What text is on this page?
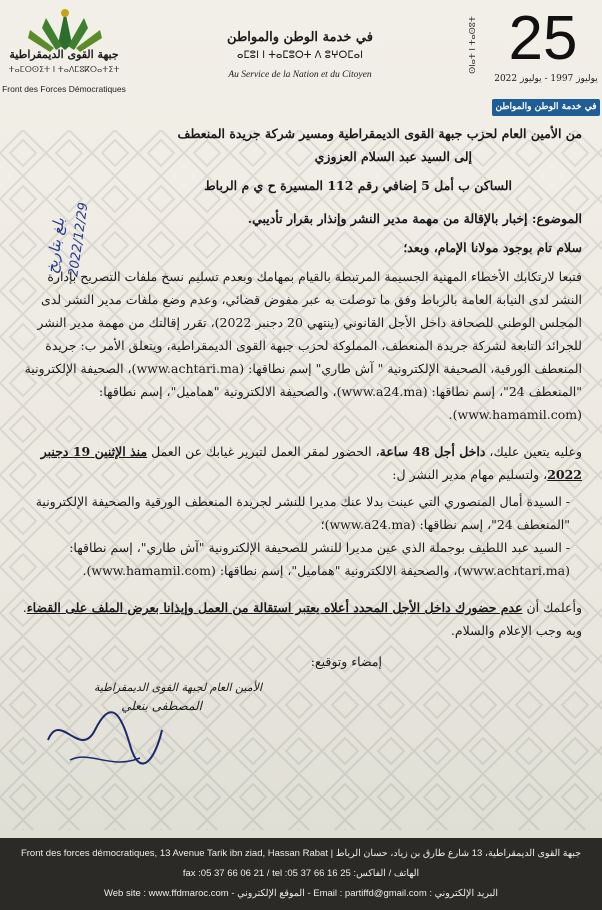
جبهة القوى الديمقراطية
ⵜⴰⵎⵔⵙⵉⵜ ⵏ ⵜⴰⴷⵎⵓⴽⵔⴰⵜⵉⵜ
Front des Forces Démocratiques
في خدمة الوطن والمواطن
ⴰⵎⵓⵏ ⵏ ⵜⴰⵎⵓⵔⵜ ⴷ ⵓⵖⵔⵎⴰⵏ
Au Service de la Nation et du Citoyen
ⵙⵏⴰⵜ ⵏ ⵜⴰⵙⵓⵜ 25
يوليوز 1997 - يوليوز 2022
في خدمة الوطن والمواطن
بلغ بتاريخ
2022/12/29

من الأمين العام لحزب جبهة القوى الديمقراطية ومسير شركة جريدة المنعطف

إلى السيد عبد السلام العزوزي

الساكن ب أمل 5 إضافي رقم 112 المسيرة ح ي م الرباط

الموضوع: إخبار بالإقالة من مهمة مدير النشر وإنذار بقرار تأديبي.

سلام تام بوجود مولانا الإمام، وبعد؛

فتبعا لارتكابك الأخطاء المهنية الجسيمة المرتبطة بالقيام بمهامك وبعدم تسليم نسخ ملفات التصريح بإدارة النشر لدى النيابة العامة بالرباط وفق ما توصلت به عبر مفوض قضائي، وعدم وضع ملفات مدير النشر لدى المجلس الوطني للصحافة داخل الأجل القانوني (ينتهي 20 دجنبر 2022)، تقرر إقالتك من مهمة مدير النشر للجرائد التابعة لشركة جريدة المنعطف، المملوكة لحزب جبهة القوى الديمقراطية، ويتعلق الأمر ب: جريدة المنعطف الورقية، الصحيفة الإلكترونية " آش طاري" إسم نطاقها: (www.achtari.ma)، الصحيفة الإلكترونية "المنعطف 24"، إسم نطاقها: (www.a24.ma)، والصحيفة الالكترونية "هماميل"، إسم نطاقها: (www.hamamil.com).

وعليه يتعين عليك، داخل أجل 48 ساعة، الحضور لمقر العمل لتبرير غيابك عن العمل منذ الإثنين 19 دجنبر 2022، ولتسليم مهام مدير النشر ل:

- السيدة أمال المنصوري التي عينت بدلا عنك مديرا للنشر لجريدة المنعطف الورقية والصحيفة الإلكترونية "المنعطف 24"، إسم نطاقها: (www.a24.ma)؛

- السيد عبد اللطيف بوجملة الذي عين مديرا للنشر للصحيفة الإلكترونية "آش طاري"، إسم نطاقها: (www.achtari.ma)، والصحيفة الالكترونية "هماميل"، إسم نطاقها: (www.hamamil.com).

وأعلمك أن عدم حضورك داخل الأجل المحدد أعلاه يعتبر استقالة من العمل وإيذانا بعرض الملف على القضاء.

وبه وجب الإعلام والسلام.

إمضاء وتوقيع:

الأمين العام لجبهة القوى الديمقراطية

المصطفى بنعلي

Front des forces démocratiques, 13 Avenue Tarik ibn ziad, Hassan Rabat | جبهة القوى الديمقراطية، 13 شارع طارق بن زياد، حسان الرباط
fax :05 37 66 06 21 / tel :05 37 66 16 25 :الهاتف / الفاكس
Web site : www.ffdmaroc.com - الموقع الإلكتروني - Email : partiffd@gmail.com : البريد الإلكتروني
